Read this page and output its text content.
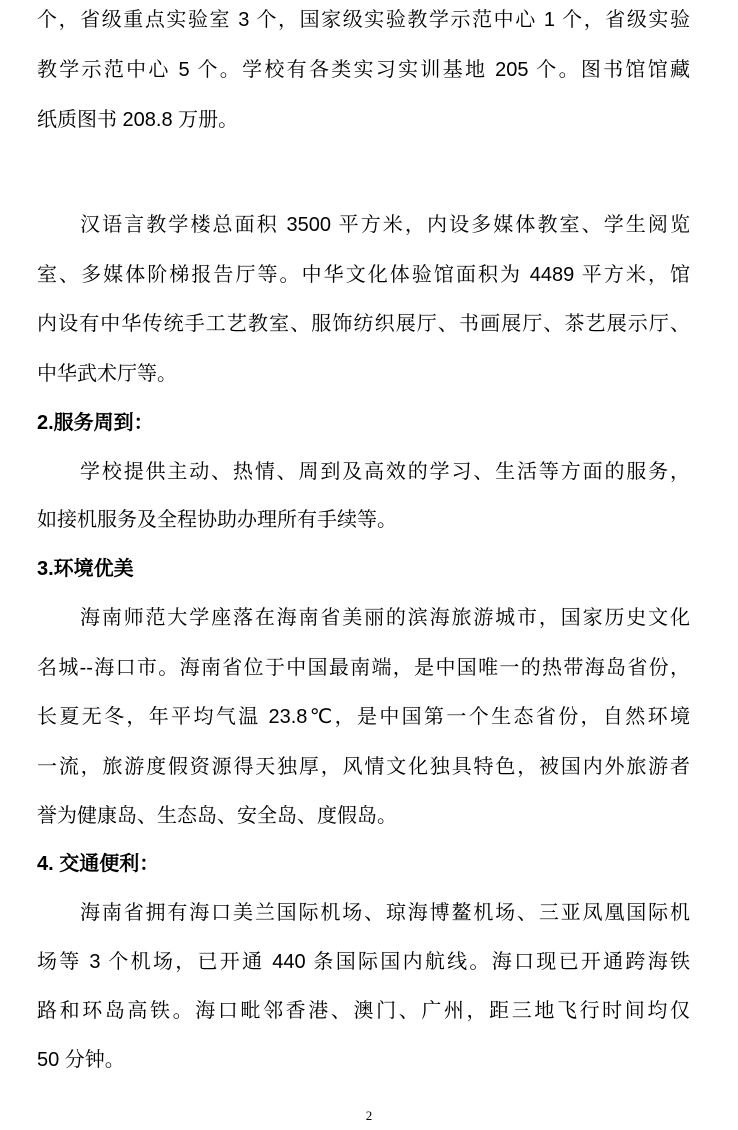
个，省级重点实验室 3 个，国家级实验教学示范中心 1 个，省级实验
教学示范中心 5 个。学校有各类实习实训基地 205 个。图书馆馆藏
纸质图书 208.8 万册。
汉语言教学楼总面积 3500 平方米，内设多媒体教室、学生阅览
室、多媒体阶梯报告厅等。中华文化体验馆面积为 4489 平方米，馆
内设有中华传统手工艺教室、服饰纺织展厅、书画展厅、茶艺展示厅、
中华武术厅等。
2.服务周到：
学校提供主动、热情、周到及高效的学习、生活等方面的服务，
如接机服务及全程协助办理所有手续等。
3.环境优美
海南师范大学座落在海南省美丽的滨海旅游城市，国家历史文化
名城--海口市。海南省位于中国最南端，是中国唯一的热带海岛省份，
长夏无冬，年平均气温 23.8℃，是中国第一个生态省份，自然环境
一流，旅游度假资源得天独厚，风情文化独具特色，被国内外旅游者
誉为健康岛、生态岛、安全岛、度假岛。
4. 交通便利：
海南省拥有海口美兰国际机场、琼海博鳌机场、三亚凤凰国际机
场等 3 个机场，已开通 440 条国际国内航线。海口现已开通跨海铁
路和环岛高铁。海口毗邻香港、澳门、广州，距三地飞行时间均仅
50 分钟。
2
